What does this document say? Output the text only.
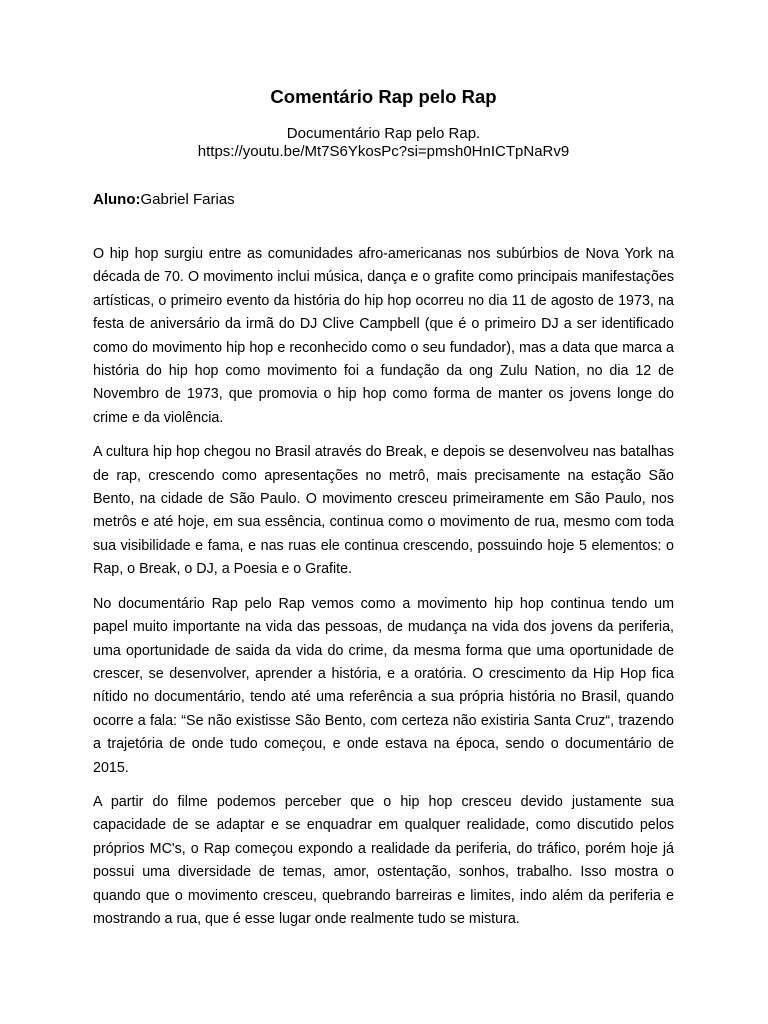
Comentário Rap pelo Rap
Documentário Rap pelo Rap.
https://youtu.be/Mt7S6YkosPc?si=pmsh0HnICTpNaRv9
Aluno:Gabriel Farias

O hip hop surgiu entre as comunidades afro-americanas nos subúrbios de Nova York na década de 70. O movimento inclui música, dança e o grafite como principais manifestações artísticas, o primeiro evento da história do hip hop ocorreu no dia 11 de agosto de 1973, na festa de aniversário da irmã do DJ Clive Campbell (que é o primeiro DJ a ser identificado como do movimento hip hop e reconhecido como o seu fundador), mas a data que marca a história do hip hop como movimento foi a fundação da ong Zulu Nation, no dia 12 de Novembro de 1973, que promovia o hip hop como forma de manter os jovens longe do crime e da violência.

A cultura hip hop chegou no Brasil através do Break, e depois se desenvolveu nas batalhas de rap, crescendo como apresentações no metrô, mais precisamente na estação São Bento, na cidade de São Paulo. O movimento cresceu primeiramente em São Paulo, nos metrôs e até hoje, em sua essência, continua como o movimento de rua, mesmo com toda sua visibilidade e fama, e nas ruas ele continua crescendo, possuindo hoje 5 elementos: o Rap, o Break, o DJ, a Poesia e o Grafite.

No documentário Rap pelo Rap vemos como a movimento hip hop continua tendo um papel muito importante na vida das pessoas, de mudança na vida dos jovens da periferia, uma oportunidade de saida da vida do crime, da mesma forma que uma oportunidade de crescer, se desenvolver, aprender a história, e a oratória. O crescimento da Hip Hop fica nítido no documentário, tendo até uma referência a sua própria história no Brasil, quando ocorre a fala: “Se não existisse São Bento, com certeza não existiria Santa Cruz“, trazendo a trajetória de onde tudo começou, e onde estava na época, sendo o documentário de 2015.

A partir do filme podemos perceber que o hip hop cresceu devido justamente sua capacidade de se adaptar e se enquadrar em qualquer realidade, como discutido pelos próprios MC's, o Rap começou expondo a realidade da periferia, do tráfico, porém hoje já possui uma diversidade de temas, amor, ostentação, sonhos, trabalho. Isso mostra o quando que o movimento cresceu, quebrando barreiras e limites, indo além da periferia e mostrando a rua, que é esse lugar onde realmente tudo se mistura.
